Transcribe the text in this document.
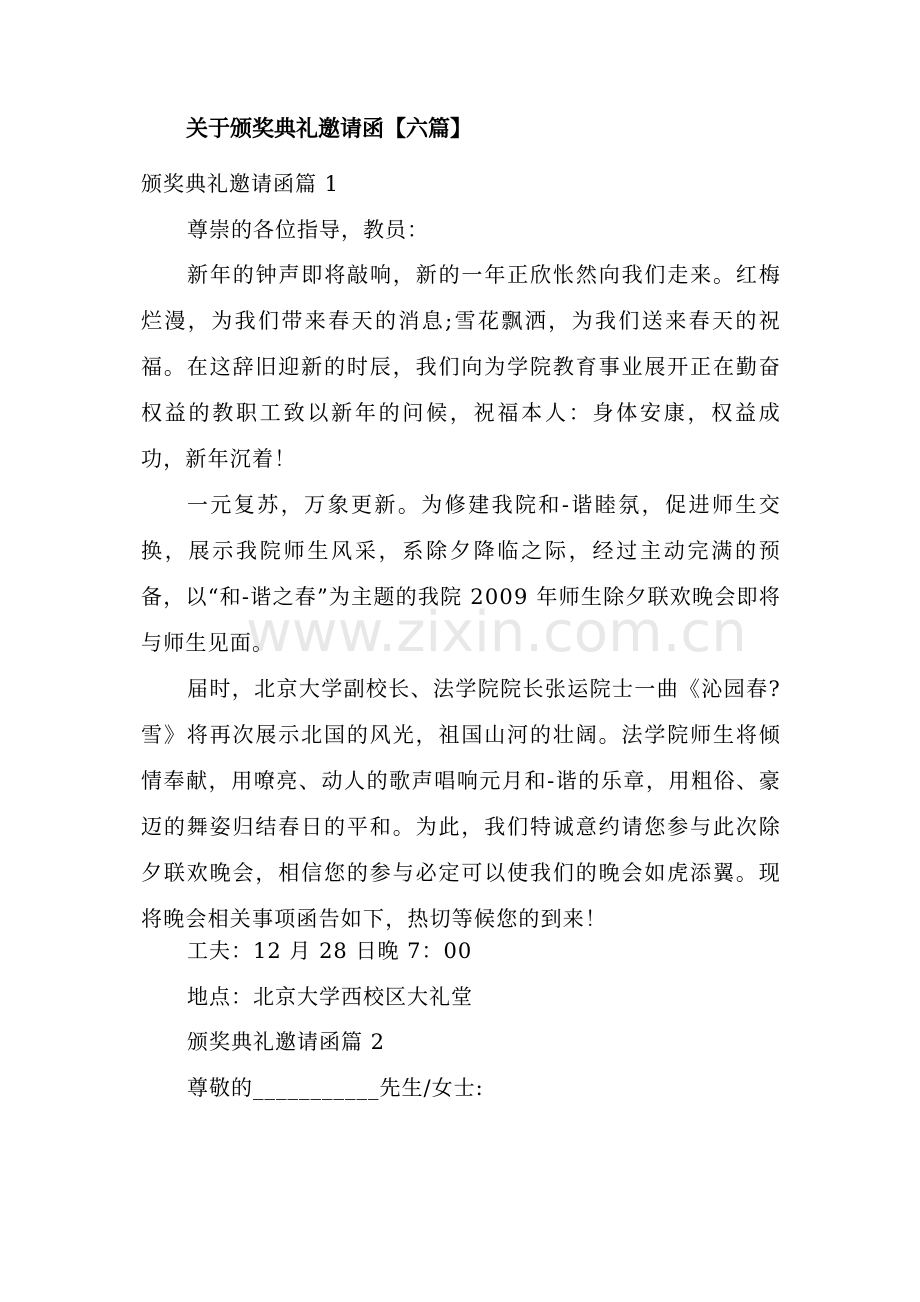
关于颁奖典礼邀请函【六篇】
颁奖典礼邀请函篇 1
尊崇的各位指导，教员：

新年的钟声即将敲响，新的一年正欣怅然向我们走来。红梅烂漫，为我们带来春天的消息;雪花飘洒，为我们送来春天的祝福。在这辞旧迎新的时辰，我们向为学院教育事业展开正在勤奋权益的教职工致以新年的问候，祝福本人：身体安康，权益成功，新年沉着！

一元复苏，万象更新。为修建我院和-谐睦氛，促进师生交换，展示我院师生风采，系除夕降临之际，经过主动完满的预备，以“和-谐之春”为主题的我院 2009 年师生除夕联欢晚会即将与师生见面。

届时，北京大学副校长、法学院院长张运院士一曲《沁园春?雪》将再次展示北国的风光，祖国山河的壮阔。法学院师生将倾情奉献，用嘹亮、动人的歌声唱响元月和-谐的乐章，用粗俗、豪迈的舞姿归结春日的平和。为此，我们特诚意约请您参与此次除夕联欢晚会，相信您的参与必定可以使我们的晚会如虎添翼。现将晚会相关事项函告如下，热切等候您的到来！

工夫：12 月 28 日晚 7：00
地点：北京大学西校区大礼堂
颁奖典礼邀请函篇 2
尊敬的___________先生/女士:
www.zixin.com.cn
